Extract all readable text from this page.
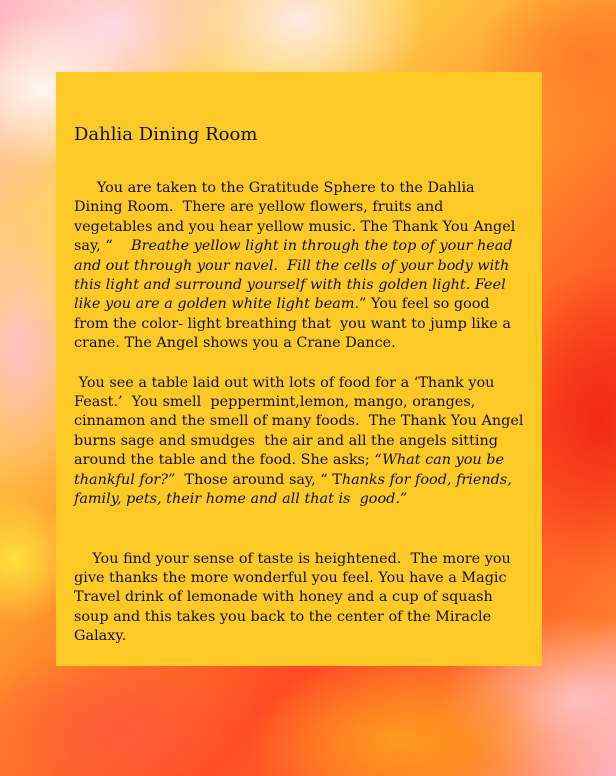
Dahlia Dining Room

You are taken to the Gratitude Sphere to the Dahlia Dining Room.  There are yellow flowers, fruits and vegetables and you hear yellow music. The Thank You Angel say, “    Breathe yellow light in through the top of your head and out through your navel.  Fill the cells of your body with this light and surround yourself with this golden light. Feel  like you are a golden white light beam.” You feel so good from the color- light breathing that  you want to jump like a crane. The Angel shows you a Crane Dance.

You see a table laid out with lots of food for a ‘Thank you Feast.’  You smell  peppermint,lemon, mango, oranges, cinnamon and the smell of many foods.  The Thank You Angel burns sage and smudges  the air and all the angels sitting around the table and the food. She asks; “What can you be thankful for?”  Those around say, “ Thanks for food, friends, family, pets, their home and all that is  good.”

You find your sense of taste is heightened.  The more you give thanks the more wonderful you feel. You have a Magic Travel drink of lemonade with honey and a cup of squash soup and this takes you back to the center of the Miracle Galaxy.
